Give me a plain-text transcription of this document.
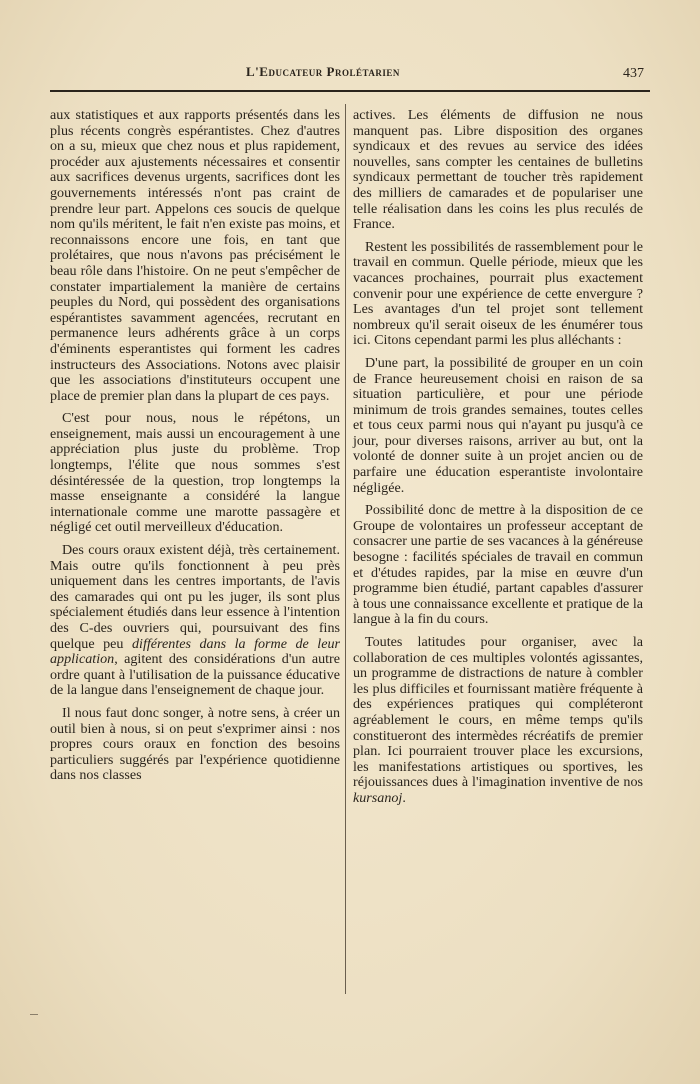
L'Educateur Prolétarien	437

aux statistiques et aux rapports présentés dans les plus récents congrès espérantistes. Chez d'autres on a su, mieux que chez nous et plus rapidement, procéder aux ajustements nécessaires et consentir aux sacrifices devenus urgents, sacrifices dont les gouvernements intéressés n'ont pas craint de prendre leur part. Appelons ces soucis de quelque nom qu'ils méritent, le fait n'en existe pas moins, et reconnaissons encore une fois, en tant que prolétaires, que nous n'avons pas précisément le beau rôle dans l'histoire. On ne peut s'empêcher de constater impartialement la manière de certains peuples du Nord, qui possèdent des organisations espérantistes savamment agencées, recrutant en permanence leurs adhérents grâce à un corps d'éminents esperantistes qui forment les cadres instructeurs des Associations. Notons avec plaisir que les associations d'instituteurs occupent une place de premier plan dans la plupart de ces pays.

C'est pour nous, nous le répétons, un enseignement, mais aussi un encouragement à une appréciation plus juste du problème. Trop longtemps, l'élite que nous sommes s'est désintéressée de la question, trop longtemps la masse enseignante a considéré la langue internationale comme une marotte passagère et négligé cet outil merveilleux d'éducation.

Des cours oraux existent déjà, très certainement. Mais outre qu'ils fonctionnent à peu près uniquement dans les centres importants, de l'avis des camarades qui ont pu les juger, ils sont plus spécialement étudiés dans leur essence à l'intention des C-des ouvriers qui, poursuivant des fins quelque peu différentes dans la forme de leur application, agitent des considérations d'un autre ordre quant à l'utilisation de la puissance éducative de la langue dans l'enseignement de chaque jour.

Il nous faut donc songer, à notre sens, à créer un outil bien à nous, si on peut s'exprimer ainsi : nos propres cours oraux en fonction des besoins particuliers suggérés par l'expérience quotidienne dans nos classes

actives. Les éléments de diffusion ne nous manquent pas. Libre disposition des organes syndicaux et des revues au service des idées nouvelles, sans compter les centaines de bulletins syndicaux permettant de toucher très rapidement des milliers de camarades et de populariser une telle réalisation dans les coins les plus reculés de France.

Restent les possibilités de rassemblement pour le travail en commun. Quelle période, mieux que les vacances prochaines, pourrait plus exactement convenir pour une expérience de cette envergure ? Les avantages d'un tel projet sont tellement nombreux qu'il serait oiseux de les énumérer tous ici. Citons cependant parmi les plus alléchants :

D'une part, la possibilité de grouper en un coin de France heureusement choisi en raison de sa situation particulière, et pour une période minimum de trois grandes semaines, toutes celles et tous ceux parmi nous qui n'ayant pu jusqu'à ce jour, pour diverses raisons, arriver au but, ont la volonté de donner suite à un projet ancien ou de parfaire une éducation esperantiste involontaire négligée.

Possibilité donc de mettre à la disposition de ce Groupe de volontaires un professeur acceptant de consacrer une partie de ses vacances à la généreuse besogne : facilités spéciales de travail en commun et d'études rapides, par la mise en œuvre d'un programme bien étudié, partant capables d'assurer à tous une connaissance excellente et pratique de la langue à la fin du cours.

Toutes latitudes pour organiser, avec la collaboration de ces multiples volontés agissantes, un programme de distractions de nature à combler les plus difficiles et fournissant matière fréquente à des expériences pratiques qui compléteront agréablement le cours, en même temps qu'ils constitueront des intermèdes récréatifs de premier plan. Ici pourraient trouver place les excursions, les manifestations artistiques ou sportives, les réjouissances dues à l'imagination inventive de nos kursanoj.
